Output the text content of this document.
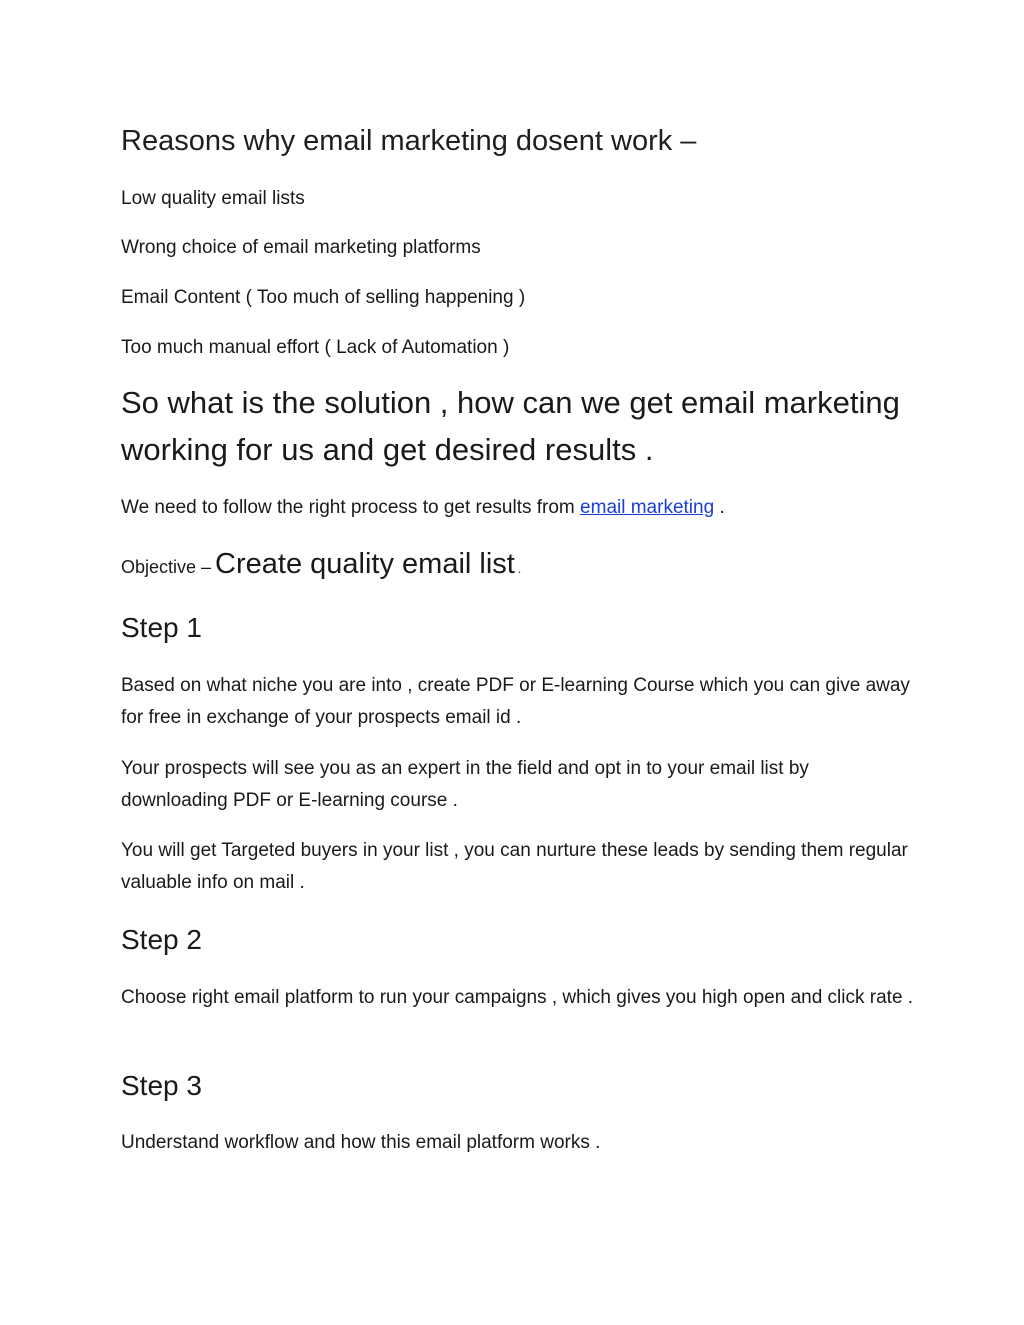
Reasons why email marketing dosent work –
Low quality email lists
Wrong choice of email marketing platforms
Email Content ( Too much of selling happening )
Too much manual effort ( Lack of Automation )
So what is the solution , how can we get email marketing working for us and get desired results .
We need to follow the right process to get results from email marketing .
Objective – Create quality email list .
Step 1
Based on what niche you are into , create PDF or E-learning Course which you can give away for free in exchange of your prospects email id .
Your prospects will see you as an expert in the field and opt in to your email list by downloading PDF or E-learning course .
You will get Targeted buyers in your list , you can nurture these leads by sending them regular valuable info on mail .
Step 2
Choose right email platform to run your campaigns , which gives you high open and click rate .
Step 3
Understand workflow and how this email platform works .
